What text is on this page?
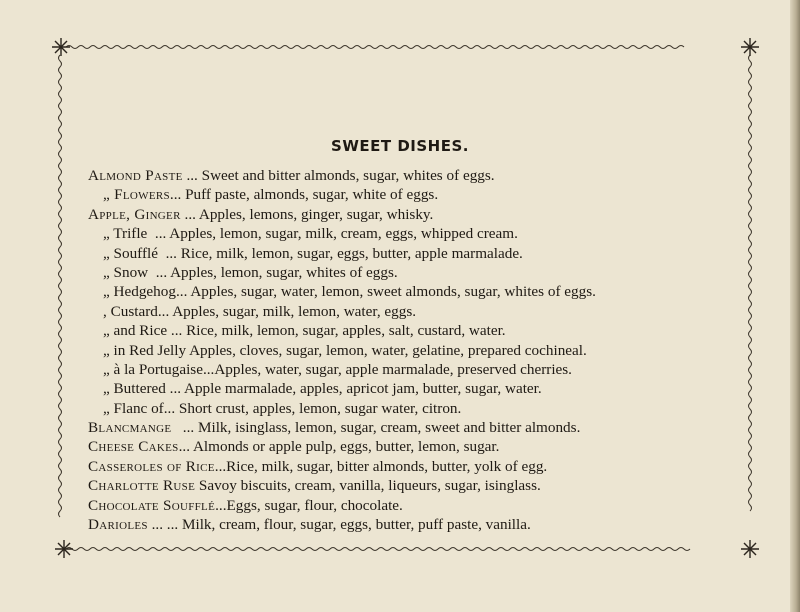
SWEET DISHES.
Almond Paste ... Sweet and bitter almonds, sugar, whites of eggs.
„ Flowers... Puff paste, almonds, sugar, white of eggs.
Apple, Ginger ... Apples, lemons, ginger, sugar, whisky.
„ Trifle  ... Apples, lemon, sugar, milk, cream, eggs, whipped cream.
„ Soufflé  ... Rice, milk, lemon, sugar, eggs, butter, apple marmalade.
„ Snow  ... Apples, lemon, sugar, whites of eggs.
„ Hedgehog... Apples, sugar, water, lemon, sweet almonds, sugar, whites of eggs.
, Custard... Apples, sugar, milk, lemon, water, eggs.
„ and Rice ... Rice, milk, lemon, sugar, apples, salt, custard, water.
„ in Red Jelly Apples, cloves, sugar, lemon, water, gelatine, prepared cochineal.
„ à la Portugaise...Apples, water, sugar, apple marmalade, preserved cherries.
„ Buttered ... Apple marmalade, apples, apricot jam, butter, sugar, water.
„ Flanc of... Short crust, apples, lemon, sugar water, citron.
Blancmange   ... Milk, isinglass, lemon, sugar, cream, sweet and bitter almonds.
Cheese Cakes... Almonds or apple pulp, eggs, butter, lemon, sugar.
Casseroles of Rice...Rice, milk, sugar, bitter almonds, butter, yolk of egg.
Charlotte Ruse Savoy biscuits, cream, vanilla, liqueurs, sugar, isinglass.
Chocolate Soufflé...Eggs, sugar, flour, chocolate.
Darioles ... ... Milk, cream, flour, sugar, eggs, butter, puff paste, vanilla.
